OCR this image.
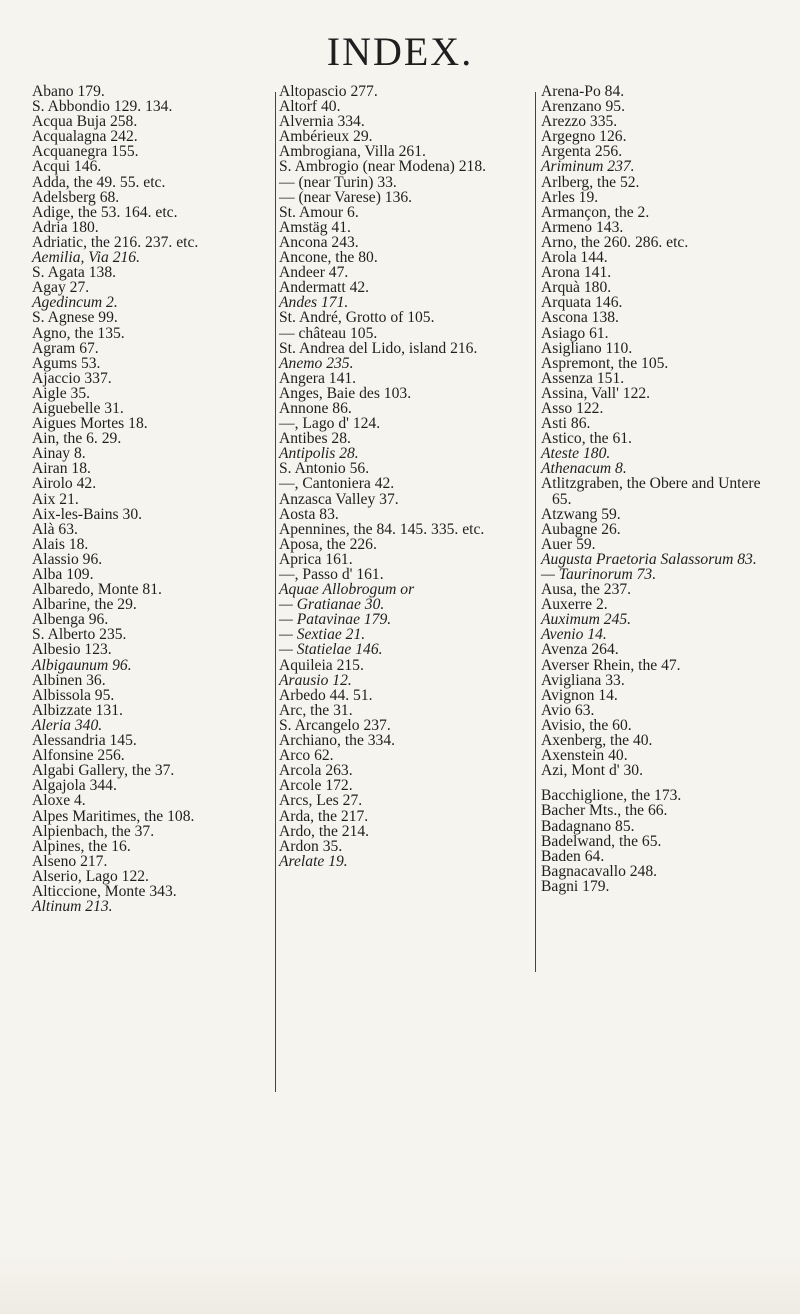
INDEX.
Abano 179.
S. Abbondio 129. 134.
Acqua Buja 258.
Acqualagna 242.
Acquanegra 155.
Acqui 146.
Adda, the 49. 55. etc.
Adelsberg 68.
Adige, the 53. 164. etc.
Adria 180.
Adriatic, the 216. 237. etc.
Aemilia, Via 216.
S. Agata 138.
Agay 27.
Agedincum 2.
S. Agnese 99.
Agno, the 135.
Agram 67.
Agums 53.
Ajaccio 337.
Aigle 35.
Aiguebelle 31.
Aigues Mortes 18.
Ain, the 6. 29.
Ainay 8.
Airan 18.
Airolo 42.
Aix 21.
Aix-les-Bains 30.
Alà 63.
Alais 18.
Alassio 96.
Alba 109.
Albaredo, Monte 81.
Albarine, the 29.
Albenga 96.
S. Alberto 235.
Albesio 123.
Albigaunum 96.
Albinen 36.
Albissola 95.
Albizzate 131.
Aleria 340.
Alessandria 145.
Alfonsine 256.
Algabi Gallery, the 37.
Algajola 344.
Aloxe 4.
Alpes Maritimes, the 108.
Alpienbach, the 37.
Alpines, the 16.
Alseno 217.
Alserio, Lago 122.
Alticcione, Monte 343.
Altinum 213.
Altopascio 277.
Altorf 40.
Alvernia 334.
Ambérieux 29.
Ambrogiana, Villa 261.
S. Ambrogio (near Modena) 218.
— (near Turin) 33.
— (near Varese) 136.
St. Amour 6.
Amstäg 41.
Ancona 243.
Ancone, the 80.
Andeer 47.
Andermatt 42.
Andes 171.
St. André, Grotto of 105.
— château 105.
St. Andrea del Lido, island 216.
Anemo 235.
Angera 141.
Anges, Baie des 103.
Annone 86.
—, Lago d' 124.
Antibes 28.
Antipolis 28.
S. Antonio 56.
—, Cantoniera 42.
Anzasca Valley 37.
Aosta 83.
Apennines, the 84. 145. 335. etc.
Aposa, the 226.
Aprica 161.
—, Passo d' 161.
Aquae Allobrogum or
— Gratianae 30.
— Patavinae 179.
— Sextiae 21.
— Statielae 146.
Aquileia 215.
Arausio 12.
Arbedo 44. 51.
Arc, the 31.
S. Arcangelo 237.
Archiano, the 334.
Arco 62.
Arcola 263.
Arcole 172.
Arcs, Les 27.
Arda, the 217.
Ardo, the 214.
Ardon 35.
Arelate 19.
Arena-Po 84.
Arenzano 95.
Arezzo 335.
Argegno 126.
Argenta 256.
Ariminum 237.
Arlberg, the 52.
Arles 19.
Armançon, the 2.
Armeno 143.
Arno, the 260. 286. etc.
Arola 144.
Arona 141.
Arquà 180.
Arquata 146.
Ascona 138.
Asiago 61.
Asigliano 110.
Aspremont, the 105.
Assenza 151.
Assina, Vall' 122.
Asso 122.
Asti 86.
Astico, the 61.
Ateste 180.
Athenacum 8.
Atlitzgraben, the Obere and Untere 65.
Atzwang 59.
Aubagne 26.
Auer 59.
Augusta Praetoria Salassorum 83.
— Taurinorum 73.
Ausa, the 237.
Auxerre 2.
Auximum 245.
Avenio 14.
Avenza 264.
Averser Rhein, the 47.
Avigliana 33.
Avignon 14.
Avio 63.
Avisio, the 60.
Axenberg, the 40.
Axenstein 40.
Azi, Mont d' 30.
Bacchiglione, the 173.
Bacher Mts., the 66.
Badagnano 85.
Badelwand, the 65.
Baden 64.
Bagnacavallo 248.
Bagni 179.
